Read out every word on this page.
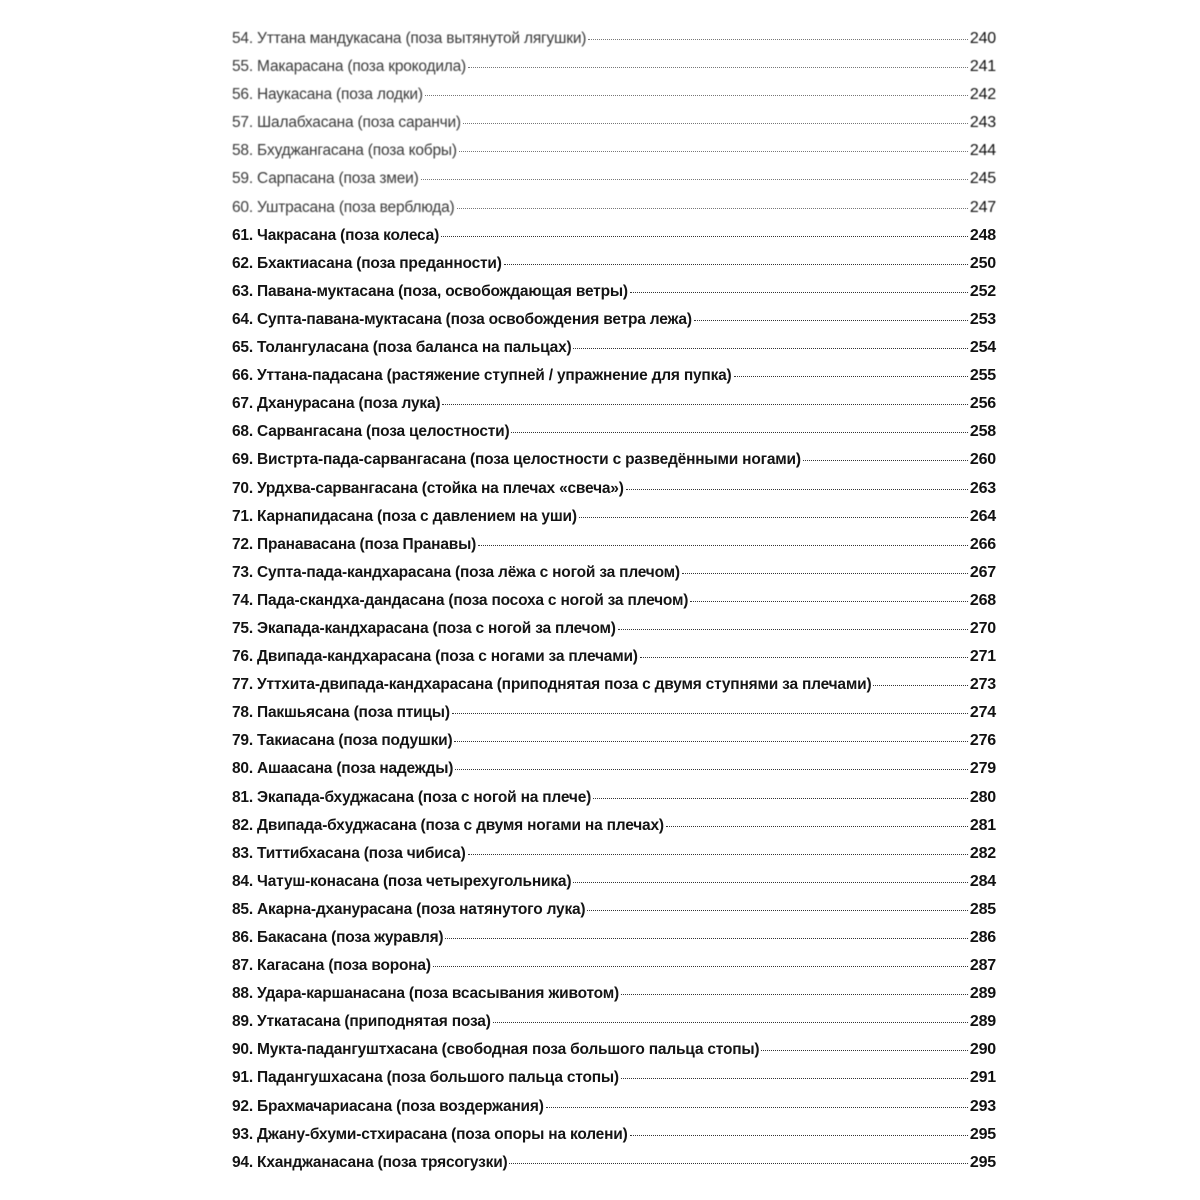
54. Уттана мандукасана (поза вытянутой лягушки)	240
55. Макарасана (поза крокодила)	241
56. Наукасана (поза лодки)	242
57. Шалабхасана (поза саранчи)	243
58. Бхуджангасана (поза кобры)	244
59. Сарпасана (поза змеи)	245
60. Уштрасана (поза верблюда)	247
61. Чакрасана (поза колеса)	248
62. Бхактиасана (поза преданности)	250
63. Павана-муктасана (поза, освобождающая ветры)	252
64. Супта-павана-муктасана (поза освобождения ветра лежа)	253
65. Толангуласана (поза баланса на пальцах)	254
66. Уттана-падасана (растяжение ступней / упражнение для пупка)	255
67. Дханурасана (поза лука)	256
68. Сарвангасана (поза целостности)	258
69. Вистрта-пада-сарвангасана (поза целостности с разведёнными ногами)	260
70. Урдхва-сарвангасана (стойка на плечах «свеча»)	263
71. Карнапидасана (поза с давлением на уши)	264
72. Пранавасана (поза Пранавы)	266
73. Супта-пада-кандхарасана (поза лёжа с ногой за плечом)	267
74. Пада-скандха-дандасана (поза посоха с ногой за плечом)	268
75. Экапада-кандхарасана (поза с ногой за плечом)	270
76. Двипада-кандхарасана (поза с ногами за плечами)	271
77. Уттхита-двипада-кандхарасана (приподнятая поза с двумя ступнями за плечами)	273
78. Пакшьясана (поза птицы)	274
79. Такиасана (поза подушки)	276
80. Ашаасана (поза надежды)	279
81. Экапада-бхуджасана (поза с ногой на плече)	280
82. Двипада-бхуджасана (поза с двумя ногами на плечах)	281
83. Титтибхасана (поза чибиса)	282
84. Чатуш-конасана (поза четырехугольника)	284
85. Акарна-дханурасана (поза натянутого лука)	285
86. Бакасана (поза журавля)	286
87. Кагасана (поза ворона)	287
88. Удара-каршанасана (поза всасывания животом)	289
89. Уткатасана (приподнятая поза)	289
90. Мукта-падангуштхасана (свободная поза большого пальца стопы)	290
91. Падангушхасана (поза большого пальца стопы)	291
92. Брахмачариасана (поза воздержания)	293
93. Джану-бхуми-стхирасана (поза опоры на колени)	295
94. Кханджанасана (поза трясогузки)	295
